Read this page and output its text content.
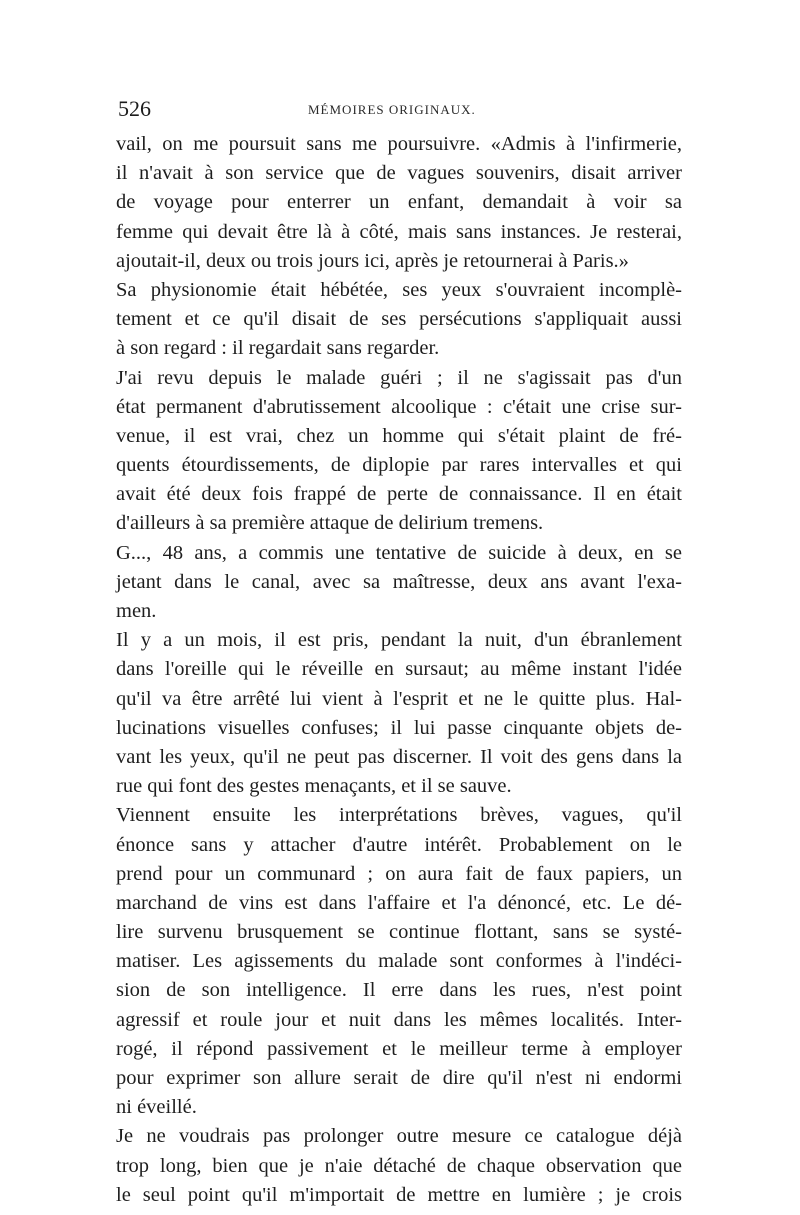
526	MÉMOIRES ORIGINAUX.
vail, on me poursuit sans me poursuivre. «Admis à l'infirmerie,
il n'avait à son service que de vagues souvenirs, disait arriver
de voyage pour enterrer un enfant, demandait à voir sa
femme qui devait être là à côté, mais sans instances. Je resterai,
ajoutait-il, deux ou trois jours ici, après je retournerai à Paris.»
Sa physionomie était hébétée, ses yeux s'ouvraient incomplè-
tement et ce qu'il disait de ses persécutions s'appliquait aussi
à son regard : il regardait sans regarder.
J'ai revu depuis le malade guéri ; il ne s'agissait pas d'un
état permanent d'abrutissement alcoolique : c'était une crise sur-
venue, il est vrai, chez un homme qui s'était plaint de fré-
quents étourdissements, de diplopie par rares intervalles et qui
avait été deux fois frappé de perte de connaissance. Il en était
d'ailleurs à sa première attaque de delirium tremens.
G..., 48 ans, a commis une tentative de suicide à deux, en se
jetant dans le canal, avec sa maîtresse, deux ans avant l'exa-
men.
Il y a un mois, il est pris, pendant la nuit, d'un ébranlement
dans l'oreille qui le réveille en sursaut; au même instant l'idée
qu'il va être arrêté lui vient à l'esprit et ne le quitte plus. Hal-
lucinations visuelles confuses; il lui passe cinquante objets de-
vant les yeux, qu'il ne peut pas discerner. Il voit des gens dans la
rue qui font des gestes menaçants, et il se sauve.
Viennent ensuite les interprétations brèves, vagues, qu'il
énonce sans y attacher d'autre intérêt. Probablement on le
prend pour un communard ; on aura fait de faux papiers, un
marchand de vins est dans l'affaire et l'a dénoncé, etc. Le dé-
lire survenu brusquement se continue flottant, sans se systé-
matiser. Les agissements du malade sont conformes à l'indéci-
sion de son intelligence. Il erre dans les rues, n'est point
agressif et roule jour et nuit dans les mêmes localités. Inter-
rogé, il répond passivement et le meilleur terme à employer
pour exprimer son allure serait de dire qu'il n'est ni endormi
ni éveillé.
Je ne voudrais pas prolonger outre mesure ce catalogue déjà
trop long, bien que je n'aie détaché de chaque observation que
le seul point qu'il m'importait de mettre en lumière ; je crois
